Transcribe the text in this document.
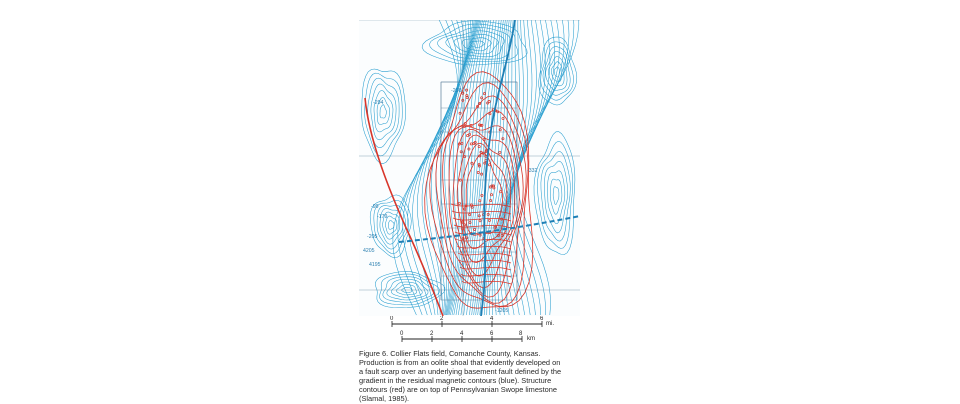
-298
-294
-332
-205
-179
-99
4205
4195
-1205
0	2	4	6
mi.
0	2	4	6	8
km

Figure 6. Collier Flats field, Comanche County, Kansas.

Production is from an oolite shoal that evidently developed on

a fault scarp over an underlying basement fault defined by the

gradient in the residual magnetic contours (blue). Structure

contours (red) are on top of Pennsylvanian Swope limestone

(Slamal, 1985).
